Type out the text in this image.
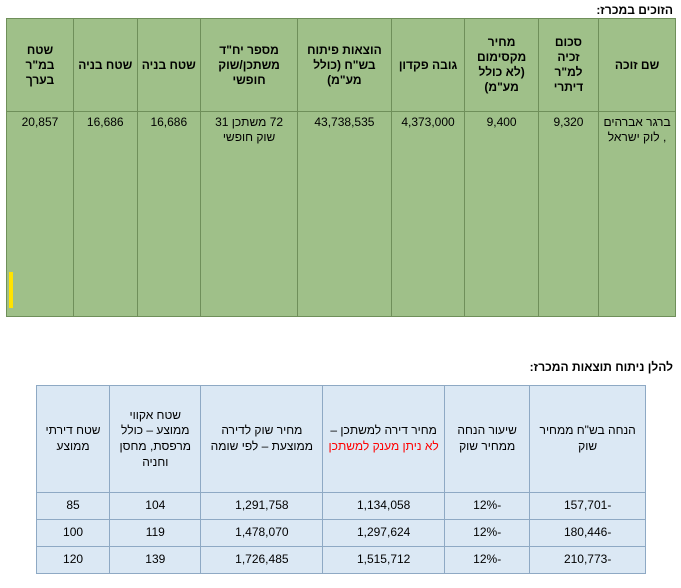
הזוכים במכרז:
שם זוכה	סכום זכיה למ"ר דיתרי	מחיר מקסימום (לא כולל מע"מ)	גובה פקדון	הוצאות פיתוח בש"ח (כולל מע"מ)	מספר יח"ד משתכן/שוק חופשי	שטח בניה	שטח בניה	שטח במ"ר בערך
ברגר אברהים , לוק ישראל	9,320	9,400	4,373,000	43,738,535	72 משתכן 31 שוק חופשי	16,686	16,686	20,857
להלן ניתוח תוצאות המכרז:
הנחה בש"ח ממחיר שוק	שיעור הנחה ממחיר שוק	מחיר דירה למשתכן – לא ניתן מענק למשתכן	מחיר שוק לדירה ממוצעת – לפי שומה	שטח אקווי ממוצע – כולל מרפסת, מחסן וחניה	שטח דירתי ממוצע
-157,701	-12%	1,134,058	1,291,758	104	85
-180,446	-12%	1,297,624	1,478,070	119	100
-210,773	-12%	1,515,712	1,726,485	139	120
